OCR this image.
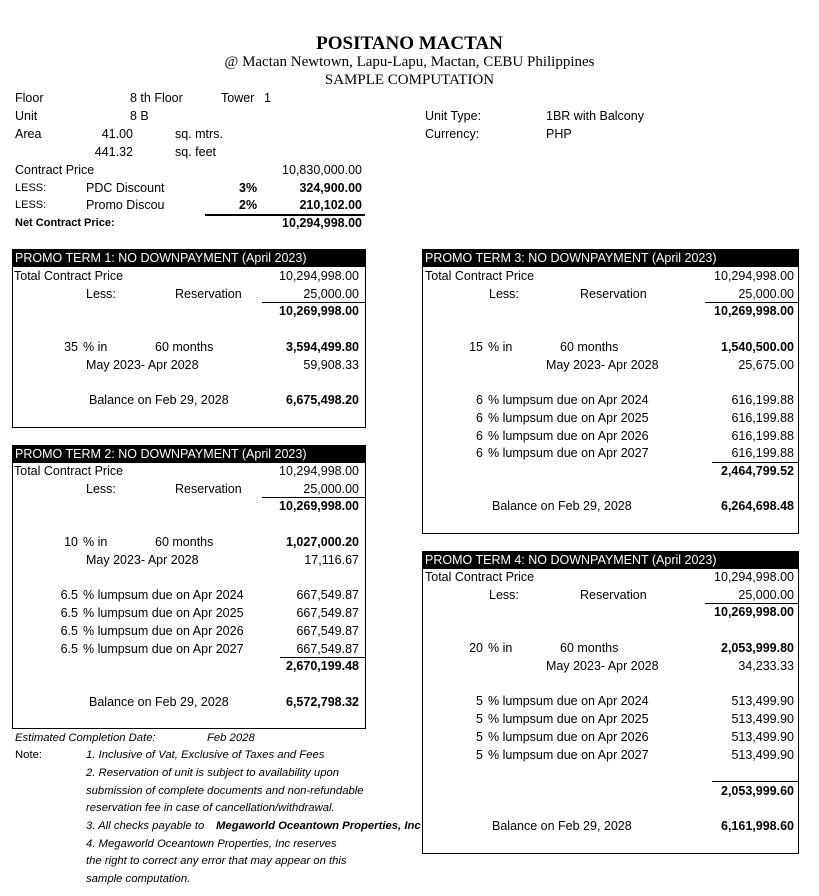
POSITANO MACTAN
@ Mactan Newtown, Lapu-Lapu, Mactan, CEBU Philippines
SAMPLE COMPUTATION
Floor	8 th Floor	Tower 1
Unit	8 B
Area	41.00	sq. mtrs.
441.32	sq. feet
Unit Type:	1BR with Balcony
Currency:	PHP
Contract Price	10,830,000.00
LESS:	PDC Discount	3%	324,900.00
LESS:	Promo Discou	2%	210,102.00
Net Contract Price:	10,294,998.00
PROMO TERM 1: NO DOWNPAYMENT (April 2023)
Total Contract Price	10,294,998.00
Less:	Reservation	25,000.00
10,269,998.00
35 % in	60 months	3,594,499.80
May 2023- Apr 2028	59,908.33
Balance on Feb 29, 2028	6,675,498.20
PROMO TERM 2: NO DOWNPAYMENT (April 2023)
Total Contract Price	10,294,998.00
Less:	Reservation	25,000.00
10,269,998.00
10 % in	60 months	1,027,000.20
May 2023- Apr 2028	17,116.67
6.5 % lumpsum due on Apr 2024	667,549.87
6.5 % lumpsum due on Apr 2025	667,549.87
6.5 % lumpsum due on Apr 2026	667,549.87
6.5 % lumpsum due on Apr 2027	667,549.87
2,670,199.48
Balance on Feb 29, 2028	6,572,798.32
PROMO TERM 3: NO DOWNPAYMENT (April 2023)
Total Contract Price	10,294,998.00
Less:	Reservation	25,000.00
10,269,998.00
15 % in	60 months	1,540,500.00
May 2023- Apr 2028	25,675.00
6 % lumpsum due on Apr 2024	616,199.88
6 % lumpsum due on Apr 2025	616,199.88
6 % lumpsum due on Apr 2026	616,199.88
6 % lumpsum due on Apr 2027	616,199.88
2,464,799.52
Balance on Feb 29, 2028	6,264,698.48
PROMO TERM 4: NO DOWNPAYMENT (April 2023)
Total Contract Price	10,294,998.00
Less:	Reservation	25,000.00
10,269,998.00
20 % in	60 months	2,053,999.80
May 2023- Apr 2028	34,233.33
5 % lumpsum due on Apr 2024	513,499.90
5 % lumpsum due on Apr 2025	513,499.90
5 % lumpsum due on Apr 2026	513,499.90
5 % lumpsum due on Apr 2027	513,499.90
2,053,999.60
Balance on Feb 29, 2028	6,161,998.60
Estimated Completion Date:	Feb 2028
Note:	1. Inclusive of Vat, Exclusive of Taxes and Fees
2. Reservation of unit is subject to availability upon
submission of complete documents and non-refundable
reservation fee in case of cancellation/withdrawal.
3. All checks payable to Megaworld Oceantown Properties, Inc
4. Megaworld Oceantown Properties, Inc reserves
the right to correct any error that may appear on this
sample computation.
